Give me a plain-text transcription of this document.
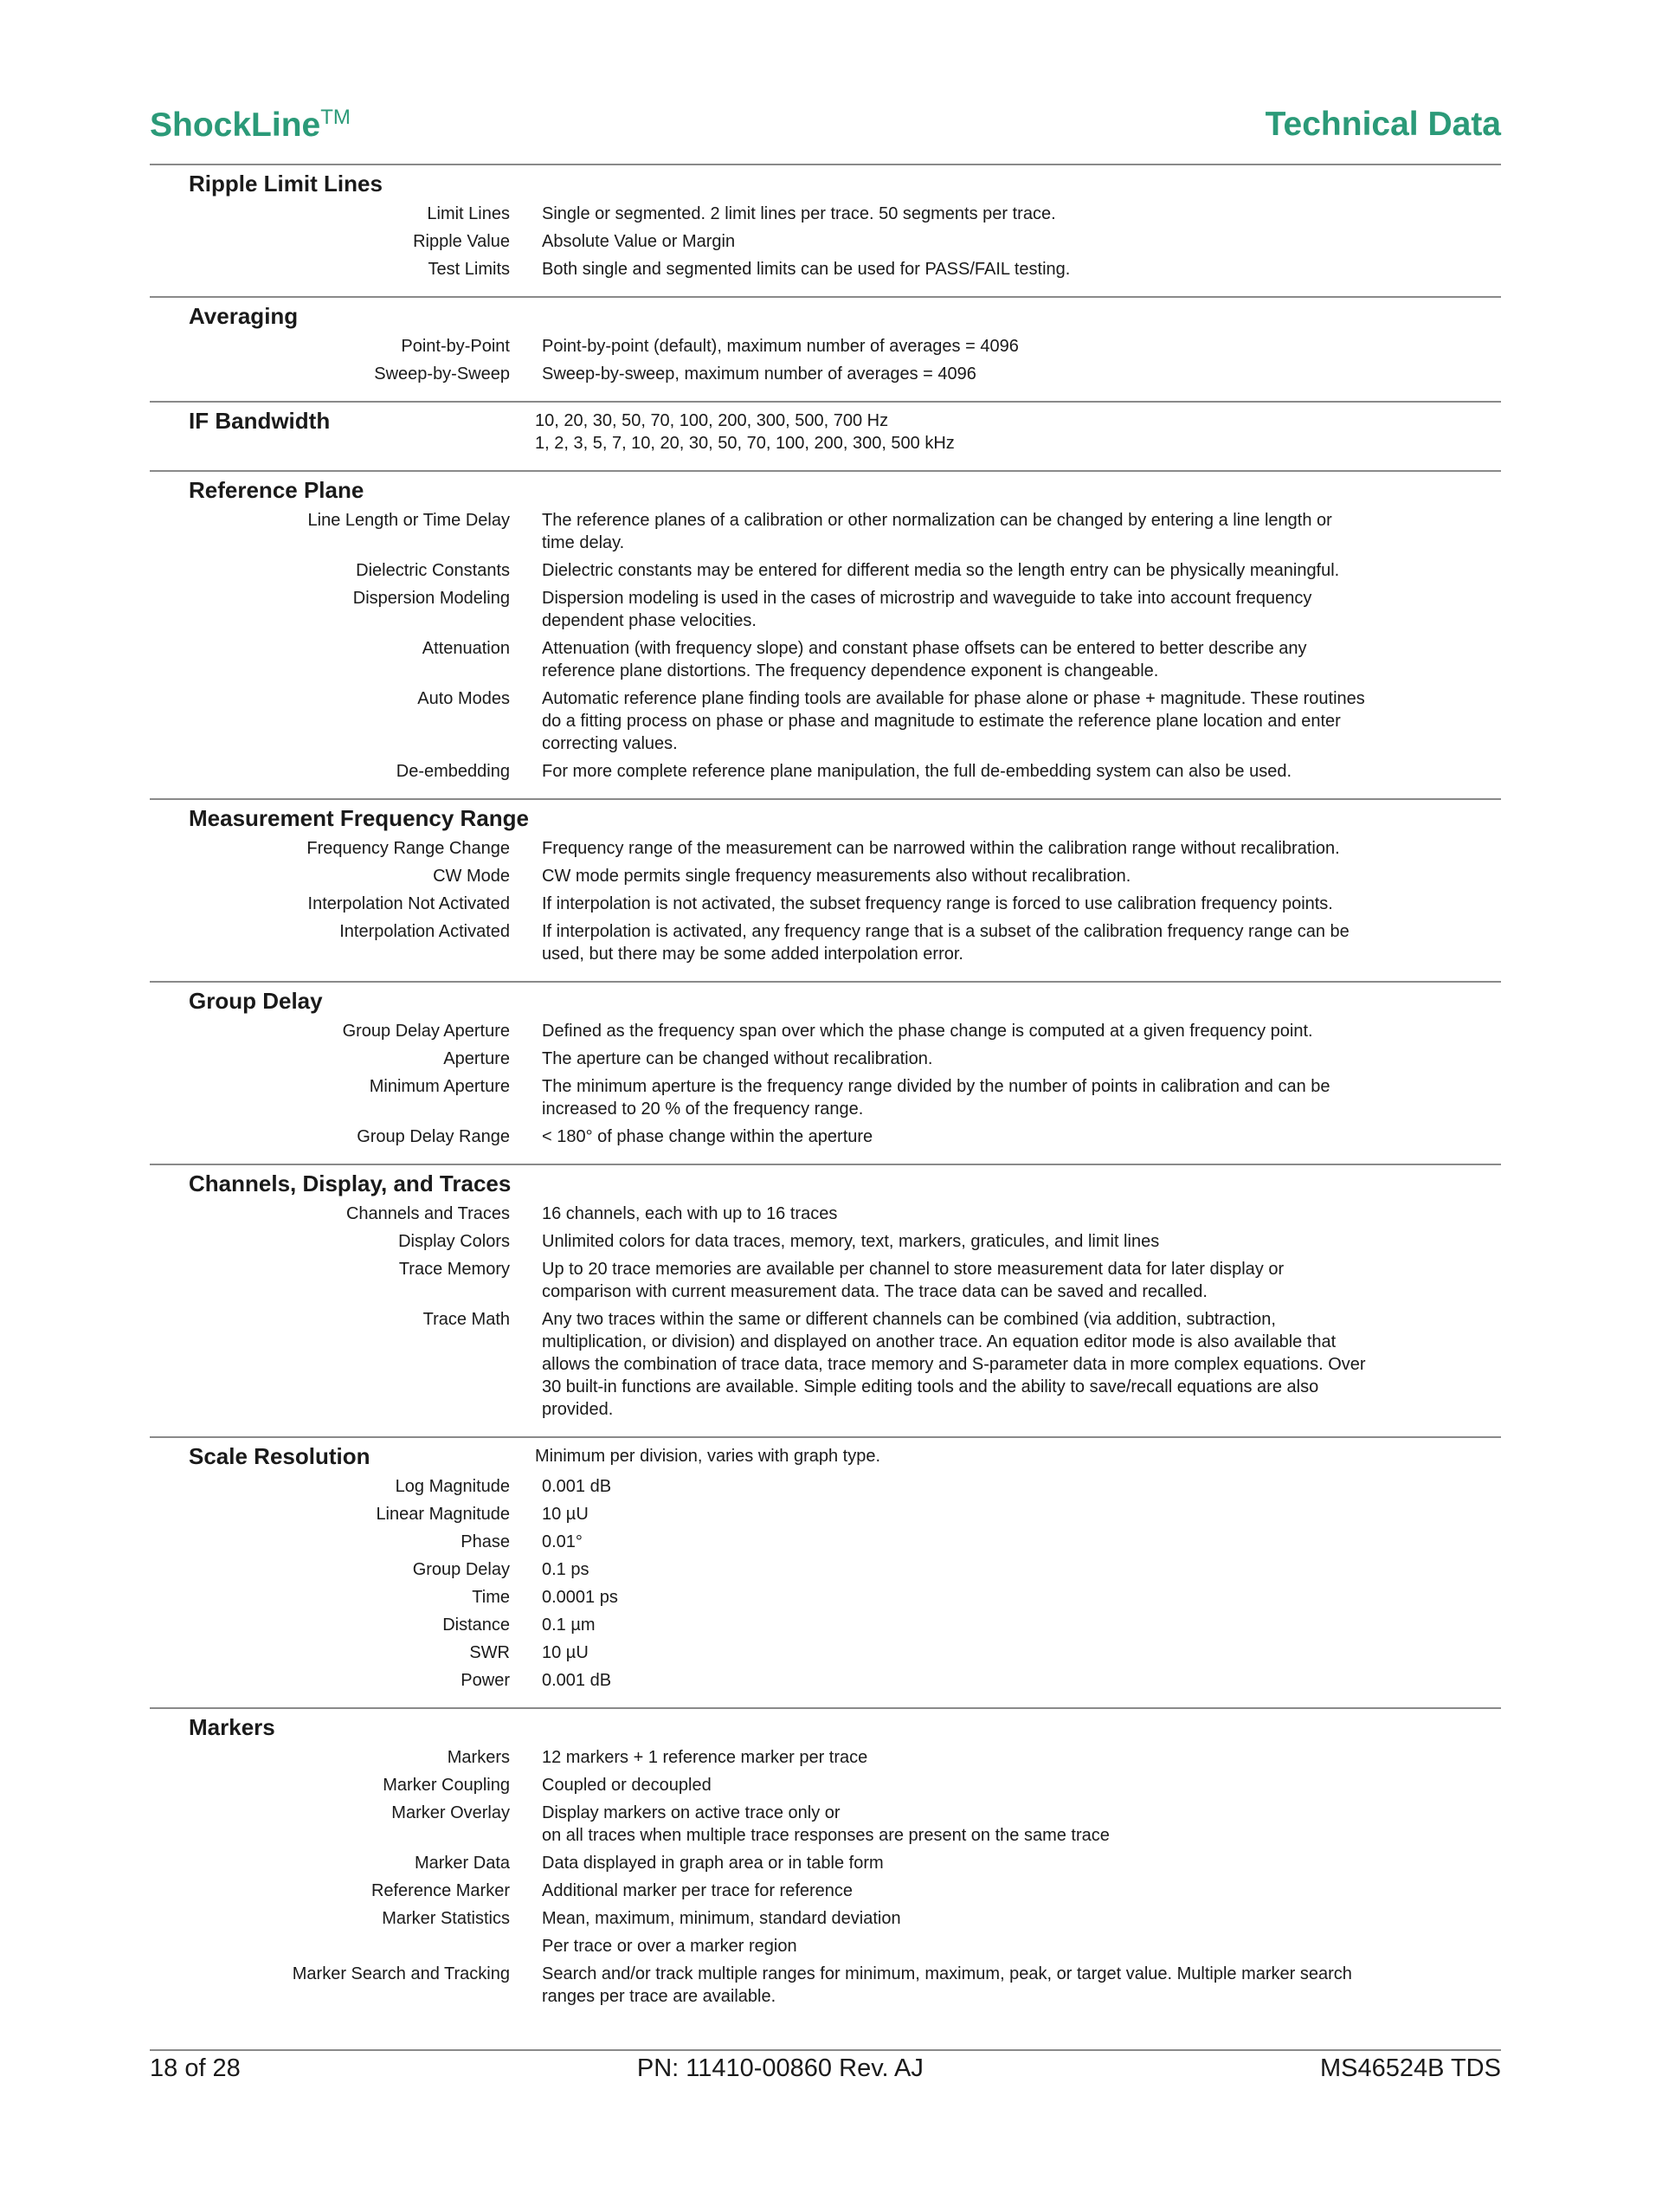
ShockLine™	Technical Data
Ripple Limit Lines
Limit Lines	Single or segmented. 2 limit lines per trace. 50 segments per trace.
Ripple Value	Absolute Value or Margin
Test Limits	Both single and segmented limits can be used for PASS/FAIL testing.
Averaging
Point-by-Point	Point-by-point (default), maximum number of averages = 4096
Sweep-by-Sweep	Sweep-by-sweep, maximum number of averages = 4096
IF Bandwidth	10, 20, 30, 50, 70, 100, 200, 300, 500, 700 Hz
1, 2, 3, 5, 7, 10, 20, 30, 50, 70, 100, 200, 300, 500 kHz
Reference Plane
Line Length or Time Delay	The reference planes of a calibration or other normalization can be changed by entering a line length or
time delay.
Dielectric Constants	Dielectric constants may be entered for different media so the length entry can be physically meaningful.
Dispersion Modeling	Dispersion modeling is used in the cases of microstrip and waveguide to take into account frequency
dependent phase velocities.
Attenuation	Attenuation (with frequency slope) and constant phase offsets can be entered to better describe any
reference plane distortions. The frequency dependence exponent is changeable.
Auto Modes	Automatic reference plane finding tools are available for phase alone or phase + magnitude. These routines
do a fitting process on phase or phase and magnitude to estimate the reference plane location and enter
correcting values.
De-embedding	For more complete reference plane manipulation, the full de-embedding system can also be used.
Measurement Frequency Range
Frequency Range Change	Frequency range of the measurement can be narrowed within the calibration range without recalibration.
CW Mode	CW mode permits single frequency measurements also without recalibration.
Interpolation Not Activated	If interpolation is not activated, the subset frequency range is forced to use calibration frequency points.
Interpolation Activated	If interpolation is activated, any frequency range that is a subset of the calibration frequency range can be
used, but there may be some added interpolation error.
Group Delay
Group Delay Aperture	Defined as the frequency span over which the phase change is computed at a given frequency point.
Aperture	The aperture can be changed without recalibration.
Minimum Aperture	The minimum aperture is the frequency range divided by the number of points in calibration and can be
increased to 20 % of the frequency range.
Group Delay Range	< 180° of phase change within the aperture
Channels, Display, and Traces
Channels and Traces	16 channels, each with up to 16 traces
Display Colors	Unlimited colors for data traces, memory, text, markers, graticules, and limit lines
Trace Memory	Up to 20 trace memories are available per channel to store measurement data for later display or
comparison with current measurement data. The trace data can be saved and recalled.
Trace Math	Any two traces within the same or different channels can be combined (via addition, subtraction,
multiplication, or division) and displayed on another trace. An equation editor mode is also available that
allows the combination of trace data, trace memory and S-parameter data in more complex equations. Over
30 built-in functions are available. Simple editing tools and the ability to save/recall equations are also
provided.
Scale Resolution	Minimum per division, varies with graph type.
Log Magnitude	0.001 dB
Linear Magnitude	10 µU
Phase	0.01°
Group Delay	0.1 ps
Time	0.0001 ps
Distance	0.1 µm
SWR	10 µU
Power	0.001 dB
Markers
Markers	12 markers + 1 reference marker per trace
Marker Coupling	Coupled or decoupled
Marker Overlay	Display markers on active trace only or
on all traces when multiple trace responses are present on the same trace
Marker Data	Data displayed in graph area or in table form
Reference Marker	Additional marker per trace for reference
Marker Statistics	Mean, maximum, minimum, standard deviation
Per trace or over a marker region
Marker Search and Tracking	Search and/or track multiple ranges for minimum, maximum, peak, or target value. Multiple marker search
ranges per trace are available.
18 of 28	PN: 11410-00860 Rev. AJ	MS46524B TDS
